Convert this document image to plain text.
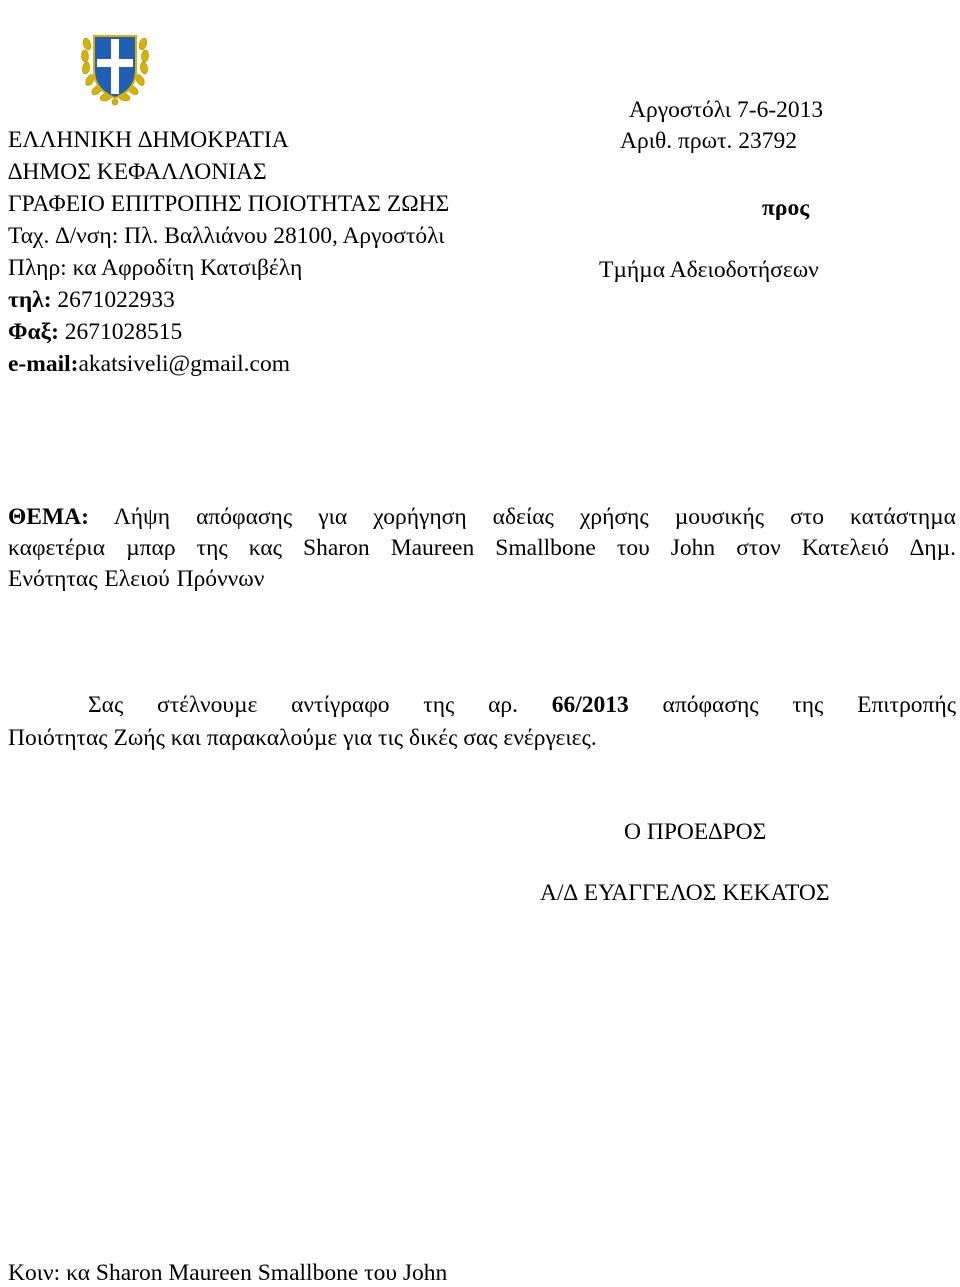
Αργοστόλι 7-6-2013
Αριθ. πρωτ. 23792
προς
Τµήµα Αδειοδοτήσεων
ΕΛΛΗΝΙΚΗ ∆ΗΜΟΚΡΑΤΙΑ
∆ΗΜΟΣ ΚΕΦΑΛΛΟΝΙΑΣ
ΓΡΑΦΕΙΟ ΕΠΙΤΡΟΠΗΣ ΠΟΙΟΤΗΤΑΣ ΖΩΗΣ
Ταχ. ∆/νση: Πλ. Βαλλιάνου 28100, Αργοστόλι
Πληρ: κα Αφροδίτη Κατσιβέλη
τηλ: 2671022933
Φαξ: 2671028515
e-mail:akatsiveli@gmail.com
ΘΕΜΑ: Λήψη απόφασης για χορήγηση αδείας χρήσης µουσικής στο κατάστηµα
καφετέρια µπαρ της κας Sharon Maureen Smallbone του John στον Κατελειό ∆ηµ.
Ενότητας Ελειού Πρόννων
Σας στέλνουµε αντίγραφο της αρ. 66/2013 απόφασης της Επιτροπής
Ποιότητας Ζωής και παρακαλούµε για τις δικές σας ενέργειες.
Ο ΠΡΟΕ∆ΡΟΣ
Α/∆ ΕΥΑΓΓΕΛΟΣ ΚΕΚΑΤΟΣ
Κοιν: κα Sharon Maureen Smallbone του John
